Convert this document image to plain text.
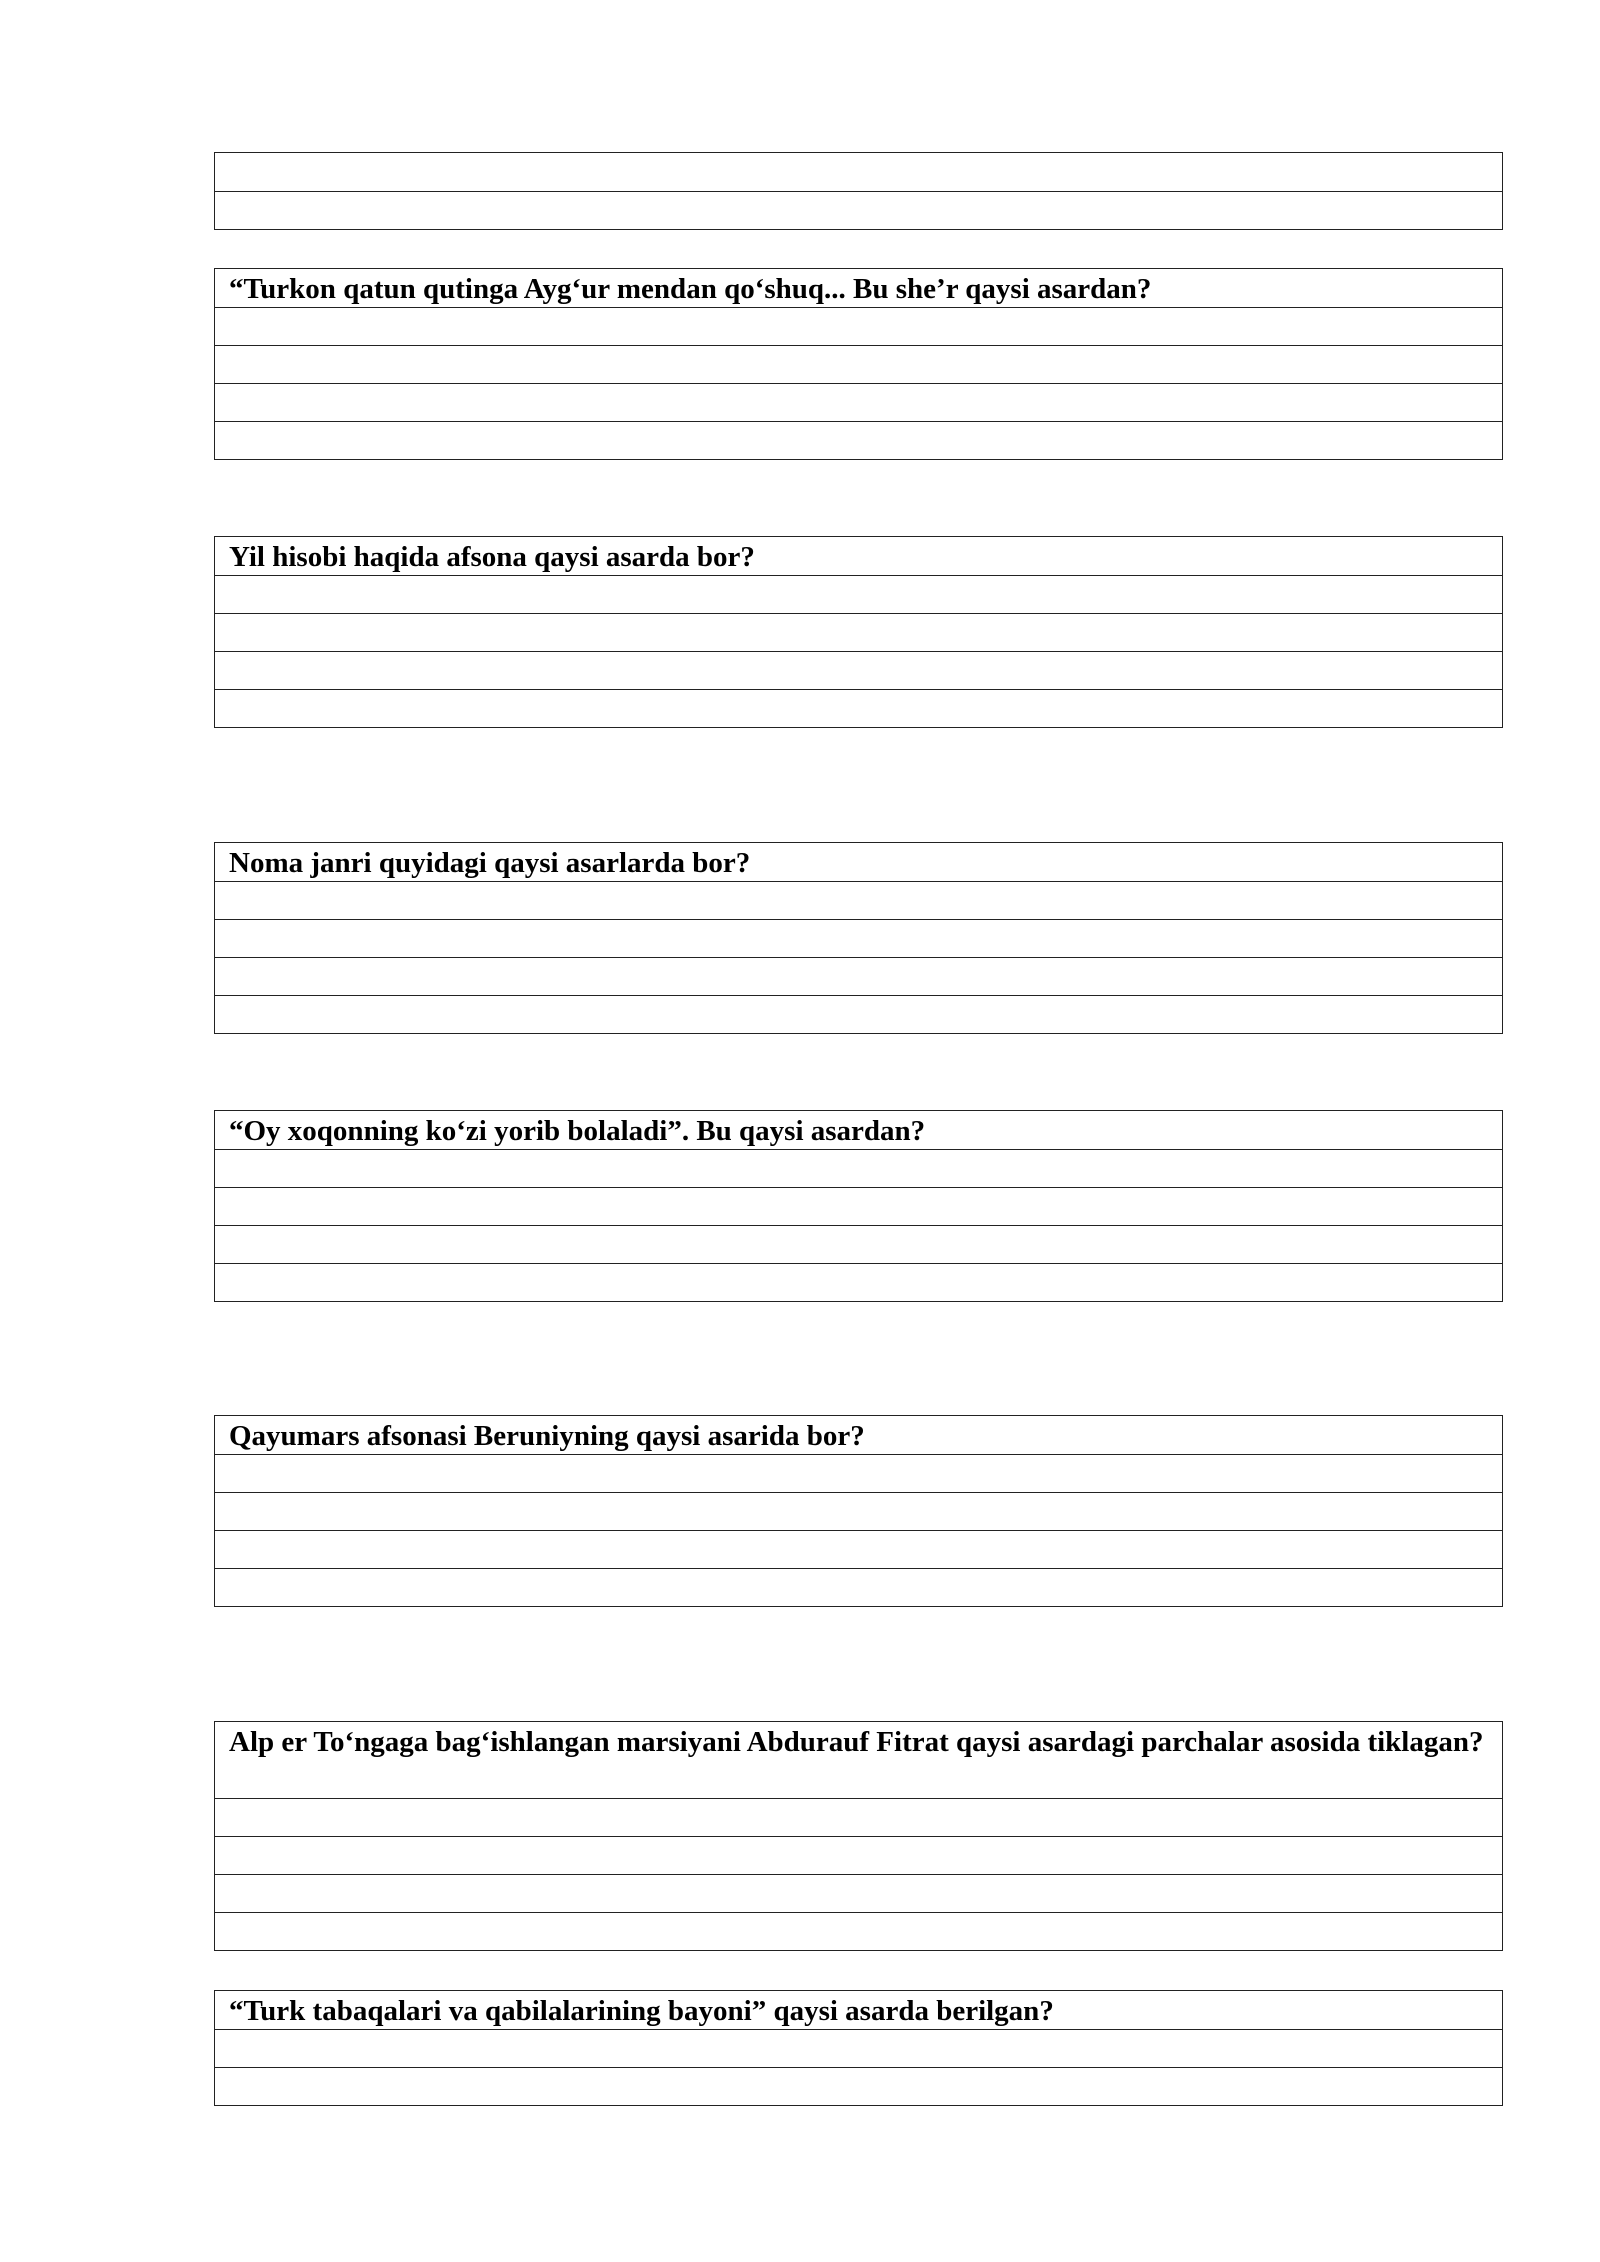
“Turkon qatun qutinga Ayg‘ur mendan qo‘shuq... Bu she’r qaysi asardan?
Yil hisobi haqida afsona qaysi asarda bor?
Noma janri quyidagi qaysi asarlarda bor?
“Oy xoqonning ko‘zi yorib bolaladi”. Bu qaysi asardan?
Qayumars afsonasi Beruniyning qaysi asarida bor?
Alp er To‘ngaga bag‘ishlangan marsiyani Abdurauf Fitrat qaysi asardagi parchalar asosida tiklagan?
“Turk tabaqalari va qabilalarining bayoni” qaysi asarda berilgan?
